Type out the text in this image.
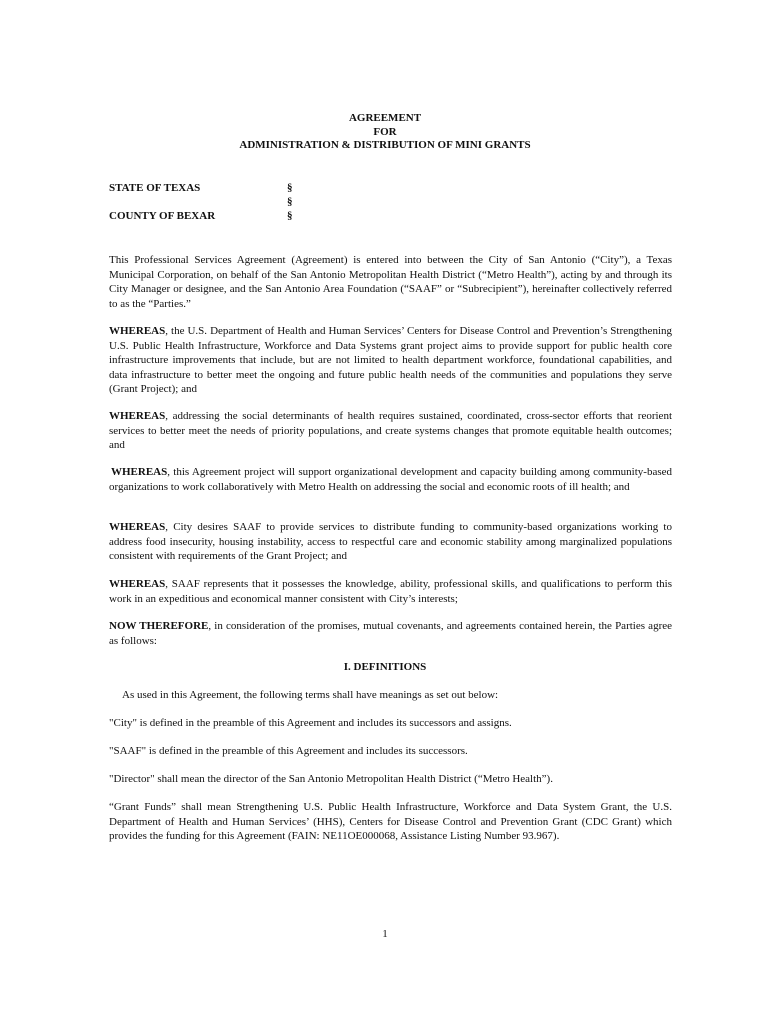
AGREEMENT
FOR
ADMINISTRATION & DISTRIBUTION OF MINI GRANTS
STATE OF TEXAS	§
§
COUNTY OF BEXAR	§

This Professional Services Agreement (Agreement) is entered into between the City of San Antonio (“City”), a Texas Municipal Corporation, on behalf of the San Antonio Metropolitan Health District (“Metro Health”), acting by and through its City Manager or designee, and the San Antonio Area Foundation (“SAAF” or “Subrecipient”), hereinafter collectively referred to as the “Parties.”

WHEREAS, the U.S. Department of Health and Human Services’ Centers for Disease Control and Prevention’s Strengthening U.S. Public Health Infrastructure, Workforce and Data Systems grant project aims to provide support for public health core infrastructure improvements that include, but are not limited to health department workforce, foundational capabilities, and data infrastructure to better meet the ongoing and future public health needs of the communities and populations they serve (Grant Project); and

WHEREAS, addressing the social determinants of health requires sustained, coordinated, cross-sector efforts that reorient services to better meet the needs of priority populations, and create systems changes that promote equitable health outcomes; and

WHEREAS, this Agreement project will support organizational development and capacity building among community-based organizations to work collaboratively with Metro Health on addressing the social and economic roots of ill health; and

WHEREAS, City desires SAAF to provide services to distribute funding to community-based organizations working to address food insecurity, housing instability, access to respectful care and economic stability among marginalized populations consistent with requirements of the Grant Project; and

WHEREAS, SAAF represents that it possesses the knowledge, ability, professional skills, and qualifications to perform this work in an expeditious and economical manner consistent with City’s interests;

NOW THEREFORE, in consideration of the promises, mutual covenants, and agreements contained herein, the Parties agree as follows:

I. DEFINITIONS

As used in this Agreement, the following terms shall have meanings as set out below:

"City" is defined in the preamble of this Agreement and includes its successors and assigns.

"SAAF" is defined in the preamble of this Agreement and includes its successors.

"Director" shall mean the director of the San Antonio Metropolitan Health District (“Metro Health”).

“Grant Funds” shall mean Strengthening U.S. Public Health Infrastructure, Workforce and Data System Grant, the U.S. Department of Health and Human Services’ (HHS), Centers for Disease Control and Prevention Grant (CDC Grant) which provides the funding for this Agreement (FAIN: NE11OE000068, Assistance Listing Number 93.967).

1
